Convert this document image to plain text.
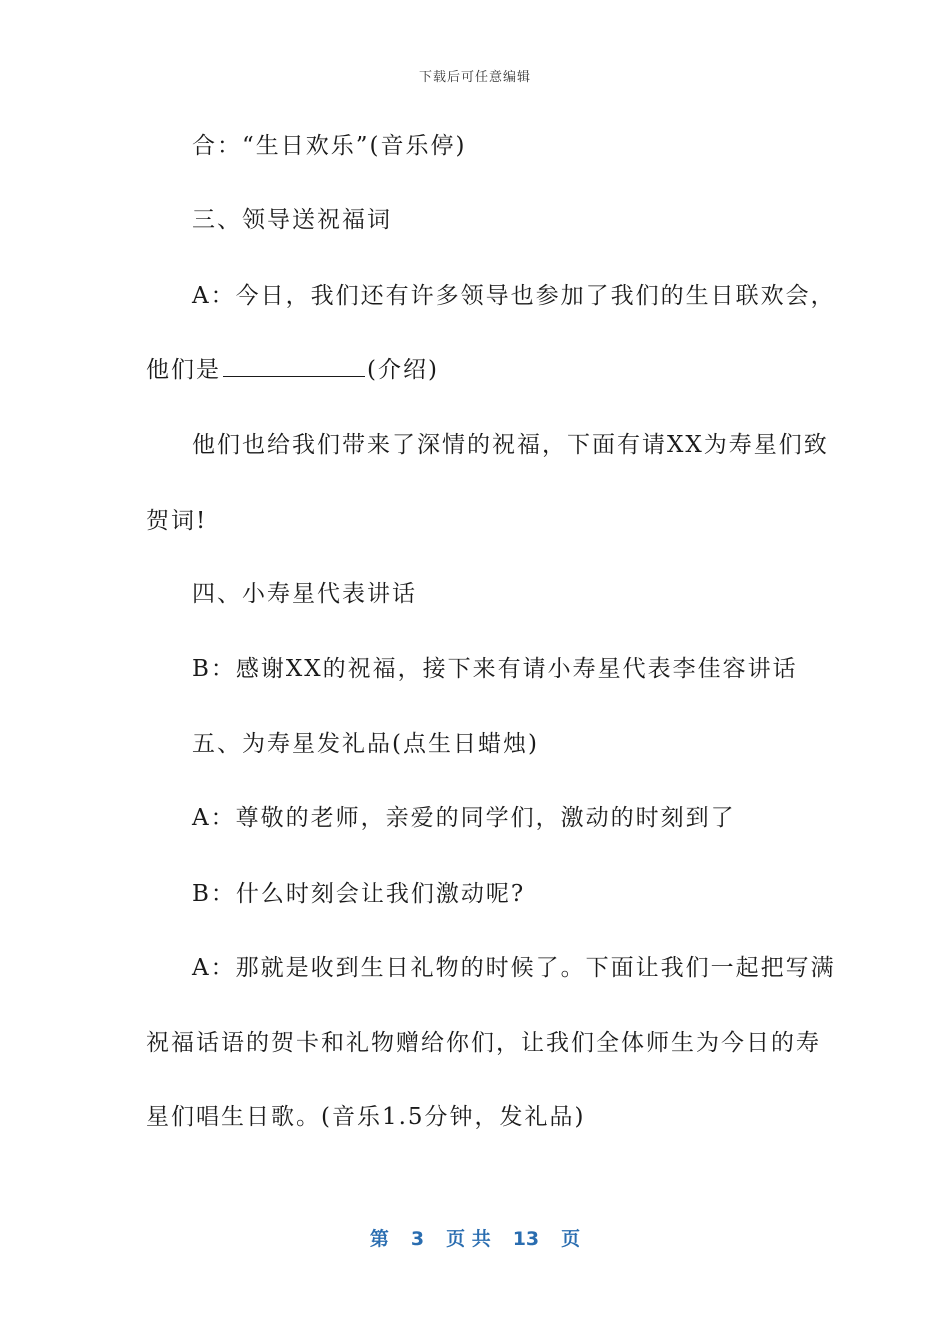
下载后可任意编辑
合：“生日欢乐”(音乐停)
三、领导送祝福词
A：今日，我们还有许多领导也参加了我们的生日联欢会，
他们是	(介绍)
他们也给我们带来了深情的祝福，下面有请XX为寿星们致
贺词!
四、小寿星代表讲话
B：感谢XX的祝福，接下来有请小寿星代表李佳容讲话
五、为寿星发礼品(点生日蜡烛)
A：尊敬的老师，亲爱的同学们，激动的时刻到了
B：什么时刻会让我们激动呢?
A：那就是收到生日礼物的时候了。下面让我们一起把写满
祝福话语的贺卡和礼物赠给你们，让我们全体师生为今日的寿
星们唱生日歌。(音乐1.5分钟，发礼品)
第 3 页 共 13 页
